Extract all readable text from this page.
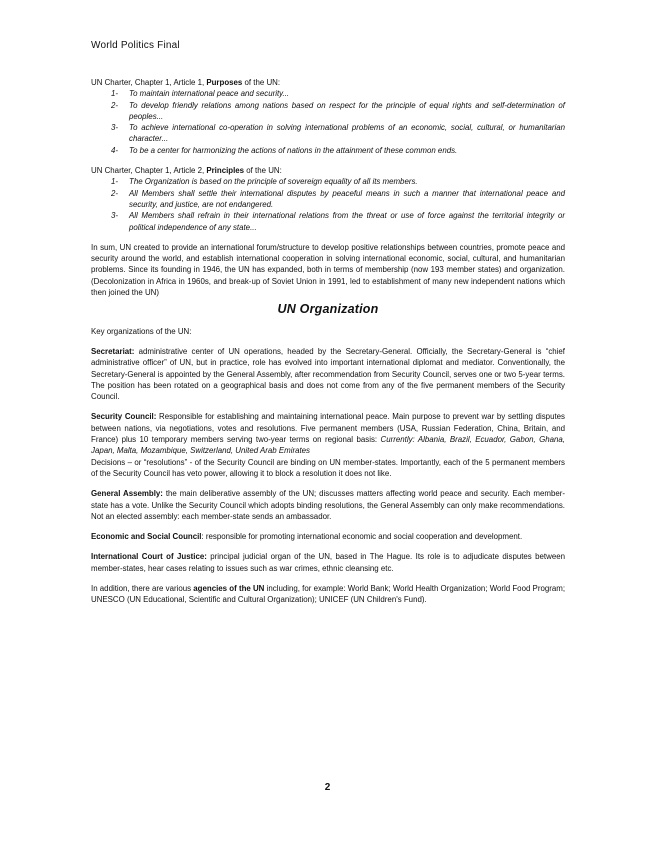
World Politics Final

UN Charter, Chapter 1, Article 1, Purposes of the UN:

1- To maintain international peace and security...
2- To develop friendly relations among nations based on respect for the principle of equal rights and self-determination of peoples...
3- To achieve international co-operation in solving international problems of an economic, social, cultural, or humanitarian character...
4- To be a center for harmonizing the actions of nations in the attainment of these common ends.

UN Charter, Chapter 1, Article 2, Principles of the UN:

1- The Organization is based on the principle of sovereign equality of all its members.
2- All Members shall settle their international disputes by peaceful means in such a manner that international peace and security, and justice, are not endangered.
3- All Members shall refrain in their international relations from the threat or use of force against the territorial integrity or political independence of any state...

In sum, UN created to provide an international forum/structure to develop positive relationships between countries, promote peace and security around the world, and establish international cooperation in solving international economic, social, cultural, and humanitarian problems. Since its founding in 1946, the UN has expanded, both in terms of membership (now 193 member states) and organization. (Decolonization in Africa in 1960s, and break-up of Soviet Union in 1991, led to establishment of many new independent nations which then joined the UN)

UN Organization

Key organizations of the UN:

Secretariat: administrative center of UN operations, headed by the Secretary-General. Officially, the Secretary-General is “chief administrative officer” of UN, but in practice, role has evolved into important international diplomat and mediator. Conventionally, the Secretary-General is appointed by the General Assembly, after recommendation from Security Council, serves one or two 5-year terms. The position has been rotated on a geographical basis and does not come from any of the five permanent members of the Security Council.

Security Council: Responsible for establishing and maintaining international peace. Main purpose to prevent war by settling disputes between nations, via negotiations, votes and resolutions. Five permanent members (USA, Russian Federation, China, Britain, and France) plus 10 temporary members serving two-year terms on regional basis: Currently: Albania, Brazil, Ecuador, Gabon, Ghana, Japan, Malta, Mozambique, Switzerland, United Arab Emirates

Decisions – or “resolutions” - of the Security Council are binding on UN member-states. Importantly, each of the 5 permanent members of the Security Council has veto power, allowing it to block a resolution it does not like.

General Assembly: the main deliberative assembly of the UN; discusses matters affecting world peace and security. Each member-state has a vote. Unlike the Security Council which adopts binding resolutions, the General Assembly can only make recommendations. Not an elected assembly: each member-state sends an ambassador.

Economic and Social Council: responsible for promoting international economic and social cooperation and development.

International Court of Justice: principal judicial organ of the UN, based in The Hague. Its role is to adjudicate disputes between member-states, hear cases relating to issues such as war crimes, ethnic cleansing etc.

In addition, there are various agencies of the UN including, for example: World Bank; World Health Organization; World Food Program; UNESCO (UN Educational, Scientific and Cultural Organization); UNICEF (UN Children's Fund).

2
